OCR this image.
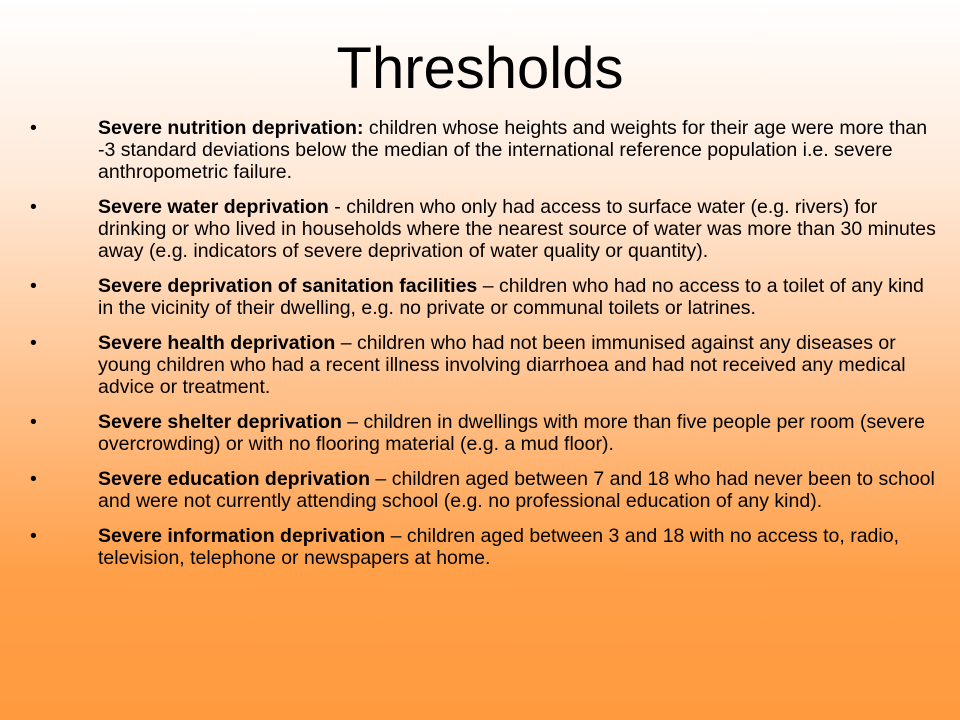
Thresholds
•	Severe nutrition deprivation: children whose heights and weights for their age were more than -3 standard deviations below the median of the international reference population i.e. severe anthropometric failure.
•	Severe water deprivation - children who only had access to surface water (e.g. rivers) for drinking or who lived in households where the nearest source of water was more than 30 minutes away (e.g. indicators of severe deprivation of water quality or quantity).
•	Severe deprivation of sanitation facilities – children who had no access to a toilet of any kind in the vicinity of their dwelling, e.g. no private or communal toilets or latrines.
•	Severe health deprivation – children who had not been immunised against any diseases or young children who had a recent illness involving diarrhoea and had not received any medical advice or treatment.
•	Severe shelter deprivation – children in dwellings with more than five people per room (severe overcrowding) or with no flooring material (e.g. a mud floor).
•	Severe education deprivation – children aged between 7 and 18 who had never been to school and were not currently attending school (e.g. no professional education of any kind).
•	Severe information deprivation – children aged between 3 and 18 with no access to, radio, television, telephone or newspapers at home.
